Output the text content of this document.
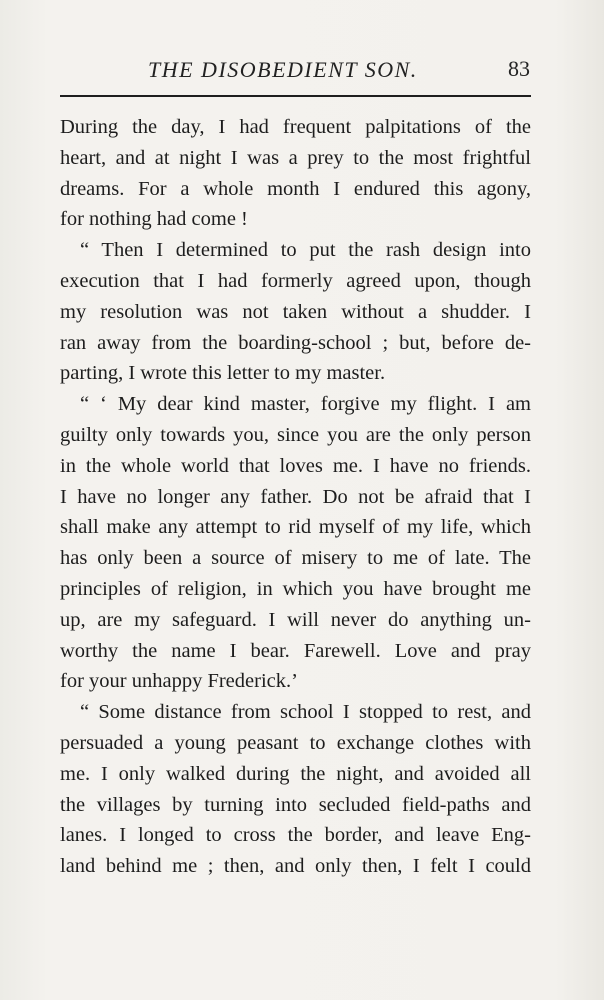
THE DISOBEDIENT SON.	83
During the day, I had frequent palpitations of the
heart, and at night I was a prey to the most frightful
dreams. For a whole month I endured this agony,
for nothing had come !
“ Then I determined to put the rash design into
execution that I had formerly agreed upon, though
my resolution was not taken without a shudder. I
ran away from the boarding-school ; but, before de-
parting, I wrote this letter to my master.
“ ‘ My dear kind master, forgive my flight. I am
guilty only towards you, since you are the only person
in the whole world that loves me. I have no friends.
I have no longer any father. Do not be afraid that I
shall make any attempt to rid myself of my life, which
has only been a source of misery to me of late. The
principles of religion, in which you have brought me
up, are my safeguard. I will never do anything un-
worthy the name I bear. Farewell. Love and pray
for your unhappy Frederick.’
“ Some distance from school I stopped to rest, and
persuaded a young peasant to exchange clothes with
me. I only walked during the night, and avoided all
the villages by turning into secluded field-paths and
lanes. I longed to cross the border, and leave Eng-
land behind me ; then, and only then, I felt I could
